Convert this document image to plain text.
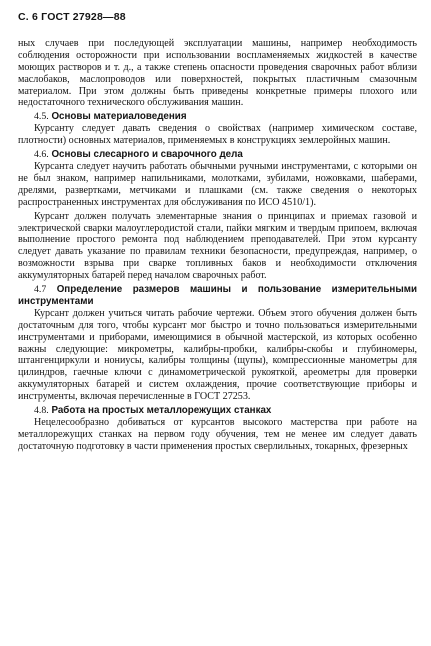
С. 6 ГОСТ 27928—88

ных случаев при последующей эксплуатации машины, например необходимость соблюдения осторожности при использовании воспламеняемых жидкостей в качестве моющих растворов и т. д., а также степень опасности проведения сварочных работ вблизи маслобаков, маслопроводов или поверхностей, покрытых пластичным смазочным материалом. При этом должны быть приведены конкретные примеры плохого или недостаточного технического обслуживания машин.

4.5. Основы материаловедения

Курсанту следует давать сведения о свойствах (например химическом составе, плотности) основных материалов, применяемых в конструкциях землеройных машин.

4.6. Основы слесарного и сварочного дела

Курсанта следует научить работать обычными ручными инструментами, с которыми он не был знаком, например напильниками, молотками, зубилами, ножовками, шаберами, дрелями, развертками, метчиками и плашками (см. также сведения о некоторых распространенных инструментах для обслуживания по ИСО 4510/1).

Курсант должен получать элементарные знания о принципах и приемах газовой и электрической сварки малоуглеродистой стали, пайки мягким и твердым припоем, включая выполнение простого ремонта под наблюдением преподавателей. При этом курсанту следует давать указание по правилам техники безопасности, предупреждая, например, о возможности взрыва при сварке топливных баков и необходимости отключения аккумуляторных батарей перед началом сварочных работ.

4.7 Определение размеров машины и пользование измерительными инструментами

Курсант должен учиться читать рабочие чертежи. Объем этого обучения должен быть достаточным для того, чтобы курсант мог быстро и точно пользоваться измерительными инструментами и приборами, имеющимися в обычной мастерской, из которых особенно важны следующие: микрометры, калибры-пробки, калибры-скобы и глубиномеры, штангенциркули и нониусы, калибры толщины (щупы), компрессионные манометры для цилиндров, гаечные ключи с динамометрической рукояткой, ареометры для проверки аккумуляторных батарей и систем охлаждения, прочие соответствующие приборы и инструменты, включая перечисленные в ГОСТ 27253.

4.8. Работа на простых металлорежущих станках

Нецелесообразно добиваться от курсантов высокого мастерства при работе на металлорежущих станках на первом году обучения, тем не менее им следует давать достаточную подготовку в части применения простых сверлильных, токарных, фрезерных
